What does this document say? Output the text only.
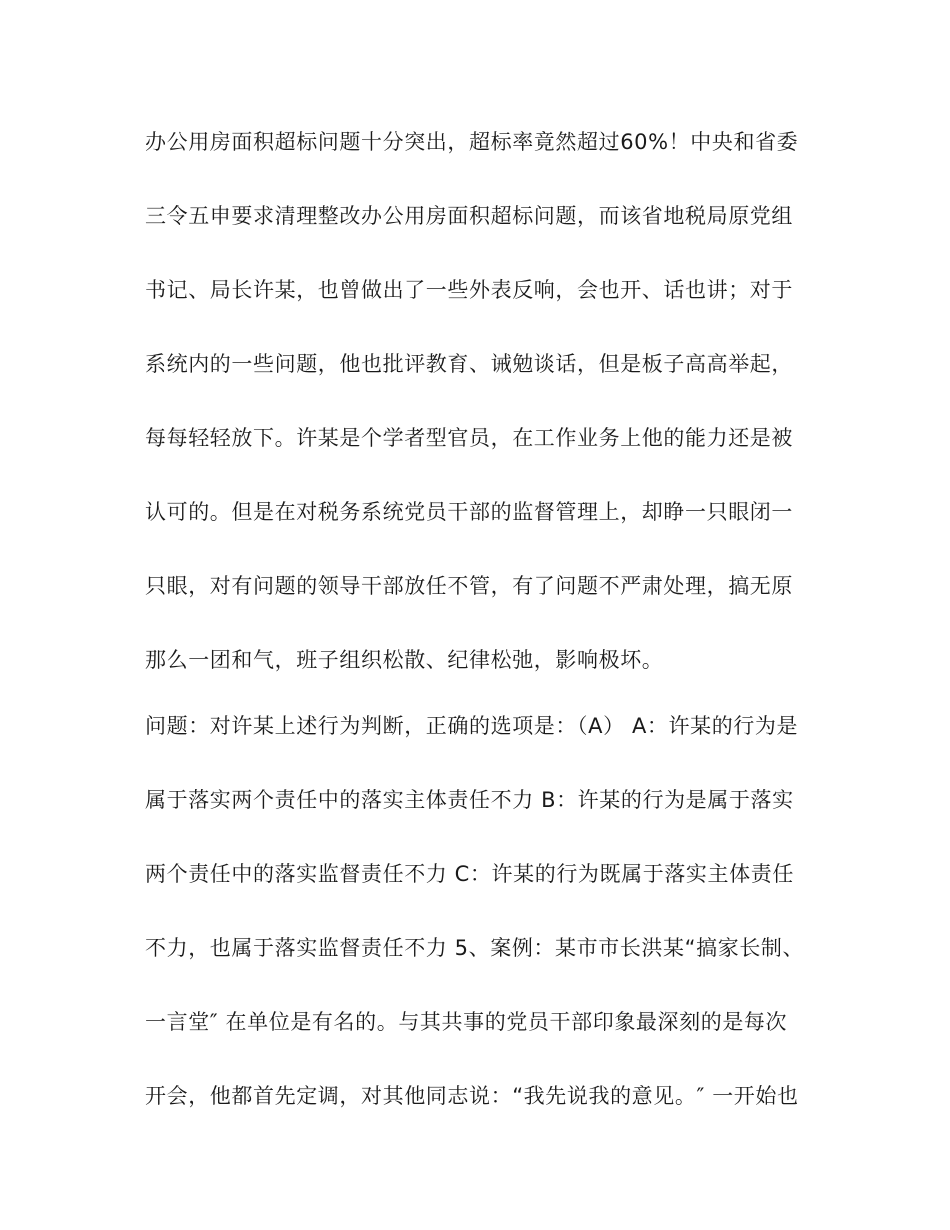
办公用房面积超标问题十分突出，超标率竟然超过60%！中央和省委
三令五申要求清理整改办公用房面积超标问题，而该省地税局原党组
书记、局长许某，也曾做出了一些外表反响，会也开、话也讲；对于
系统内的一些问题，他也批评教育、诫勉谈话，但是板子高高举起，
每每轻轻放下。许某是个学者型官员，在工作业务上他的能力还是被
认可的。但是在对税务系统党员干部的监督管理上，却睁一只眼闭一
只眼，对有问题的领导干部放任不管，有了问题不严肃处理，搞无原
那么一团和气，班子组织松散、纪律松弛，影响极坏。
问题：对许某上述行为判断，正确的选项是：（A） A：许某的行为是
属于落实两个责任中的落实主体责任不力 B：许某的行为是属于落实
两个责任中的落实监督责任不力 C：许某的行为既属于落实主体责任
不力，也属于落实监督责任不力 5、案例：某市市长洪某“搞家长制、
一言堂″ 在单位是有名的。与其共事的党员干部印象最深刻的是每次
开会，他都首先定调，对其他同志说：“我先说我的意见。″ 一开始也
